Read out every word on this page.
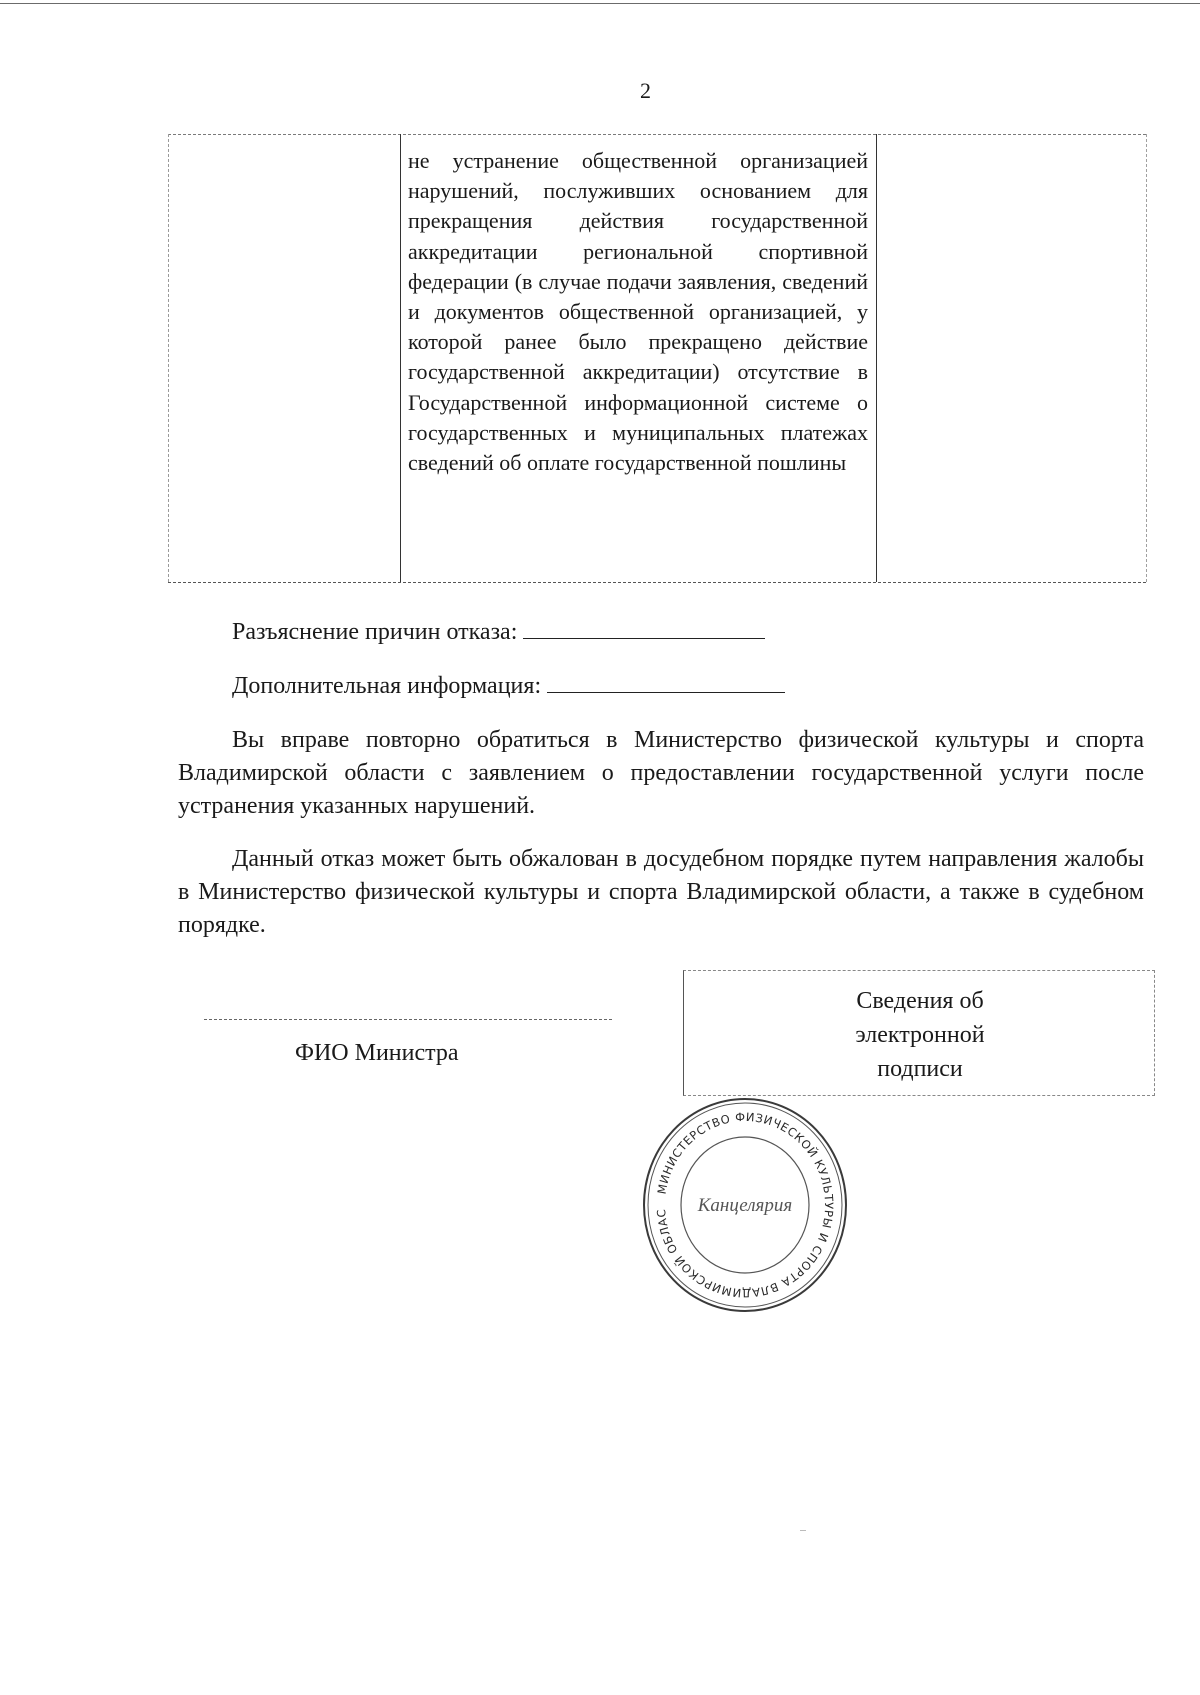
2
не устранение общественной организацией нарушений, послуживших основанием для прекращения действия государственной аккредитации региональной спортивной федерации (в случае подачи заявления, сведений и документов общественной организацией, у которой ранее было прекращено действие государственной аккредитации) отсутствие в Государственной информационной системе о государственных и муниципальных платежах сведений об оплате государственной пошлины
Разъяснение причин отказа:
Дополнительная информация:
Вы вправе повторно обратиться в Министерство физической культуры и спорта Владимирской области с заявлением о предоставлении государственной услуги после устранения указанных нарушений.
Данный отказ может быть обжалован в досудебном порядке путем направления жалобы в Министерство физической культуры и спорта Владимирской области, а также в судебном порядке.
ФИО Министра
Сведения об
электронной
подписи
МИНИСТЕРСТВО ФИЗИЧЕСКОЙ КУЛЬТУРЫ И СПОРТА ВЛАДИМИРСКОЙ ОБЛАС	Канцелярия
